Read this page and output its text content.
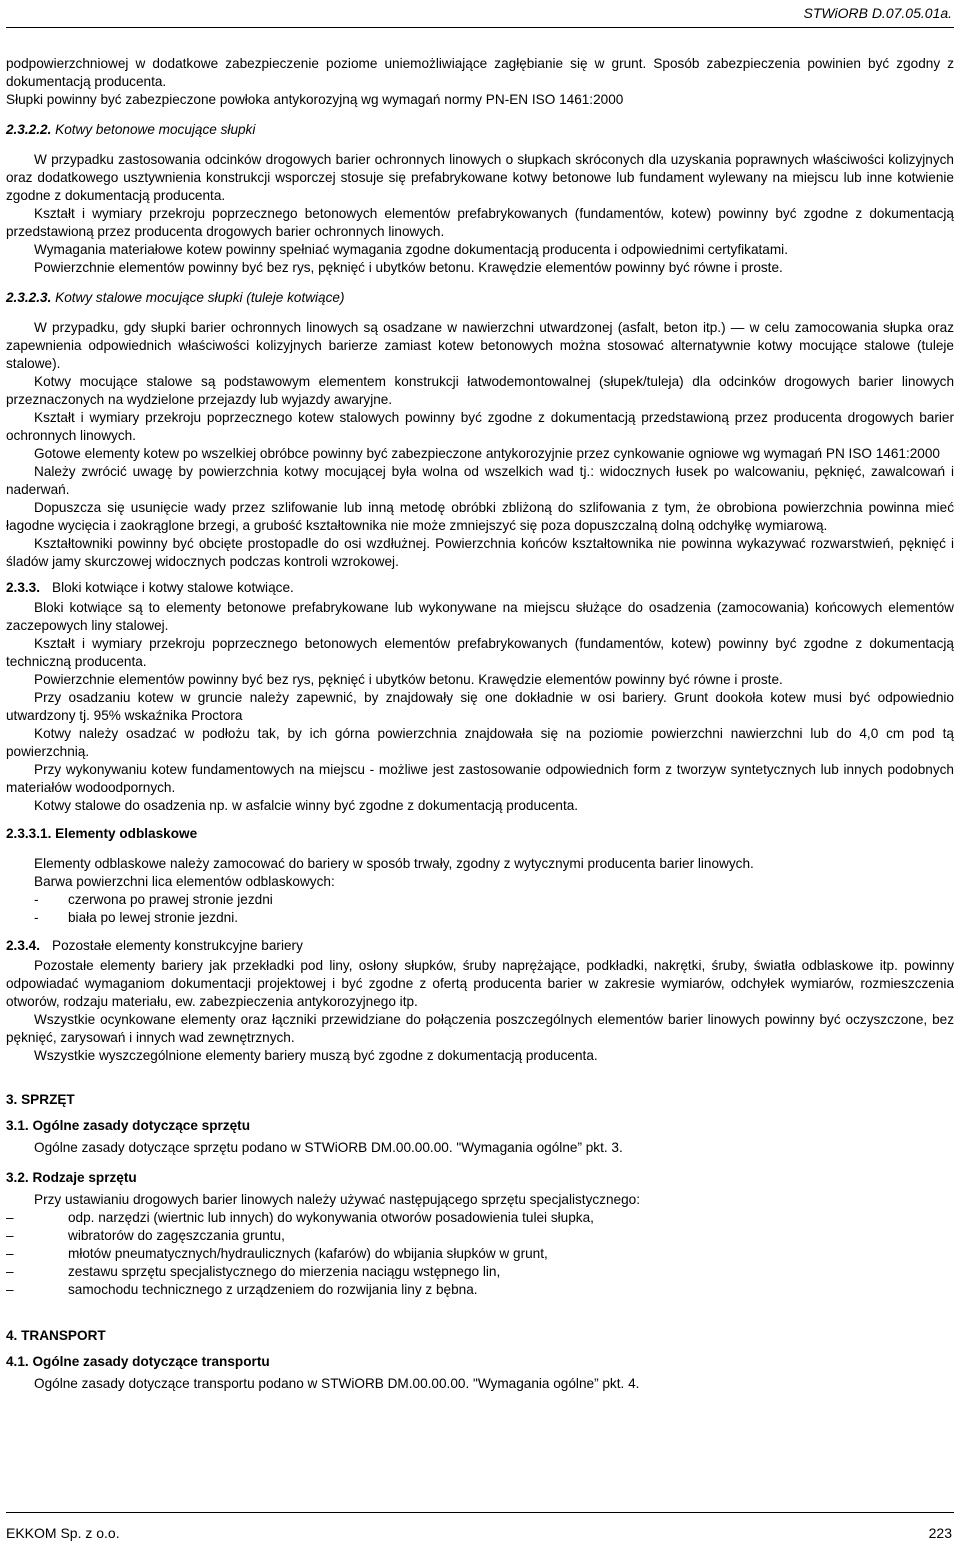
STWiORB D.07.05.01a.

podpowierzchniowej w dodatkowe zabezpieczenie poziome uniemożliwiające zagłębianie się w grunt. Sposób zabezpieczenia powinien być zgodny z dokumentacją producenta.

Słupki powinny być zabezpieczone powłoka antykorozyjną wg wymagań normy PN-EN ISO 1461:2000

2.3.2.2. Kotwy betonowe mocujące słupki

W przypadku zastosowania odcinków drogowych barier ochronnych linowych o słupkach skróconych dla uzyskania poprawnych właściwości kolizyjnych oraz dodatkowego usztywnienia konstrukcji wsporczej stosuje się prefabrykowane kotwy betonowe lub fundament wylewany na miejscu lub inne kotwienie zgodne z dokumentacją producenta.

Kształt i wymiary przekroju poprzecznego betonowych elementów prefabrykowanych (fundamentów, kotew) powinny być zgodne z dokumentacją przedstawioną przez producenta drogowych barier ochronnych linowych.

Wymagania materiałowe kotew powinny spełniać wymagania zgodne dokumentacją producenta i odpowiednimi certyfikatami.

Powierzchnie elementów powinny być bez rys, pęknięć i ubytków betonu. Krawędzie elementów powinny być równe i proste.

2.3.2.3. Kotwy stalowe mocujące słupki (tuleje kotwiące)

W przypadku, gdy słupki barier ochronnych linowych są osadzane w nawierzchni utwardzonej (asfalt, beton itp.) — w celu zamocowania słupka oraz zapewnienia odpowiednich właściwości kolizyjnych barierze zamiast kotew betonowych można stosować alternatywnie kotwy mocujące stalowe (tuleje stalowe).

Kotwy mocujące stalowe są podstawowym elementem konstrukcji łatwodemontowalnej (słupek/tuleja) dla odcinków drogowych barier linowych przeznaczonych na wydzielone przejazdy lub wyjazdy awaryjne.

Kształt i wymiary przekroju poprzecznego kotew stalowych powinny być zgodne z dokumentacją przedstawioną przez producenta drogowych barier ochronnych linowych.

Gotowe elementy kotew po wszelkiej obróbce powinny być zabezpieczone antykorozyjnie przez cynkowanie ogniowe wg wymagań PN ISO 1461:2000

Należy zwrócić uwagę by powierzchnia kotwy mocującej była wolna od wszelkich wad tj.: widocznych łusek po walcowaniu, pęknięć, zawalcowań i naderwań.

Dopuszcza się usunięcie wady przez szlifowanie lub inną metodę obróbki zbliżoną do szlifowania z tym, że obrobiona powierzchnia powinna mieć łagodne wycięcia i zaokrąglone brzegi, a grubość kształtownika nie może zmniejszyć się poza dopuszczalną dolną odchyłkę wymiarową.

Kształtowniki powinny być obcięte prostopadle do osi wzdłużnej. Powierzchnia końców kształtownika nie powinna wykazywać rozwarstwień, pęknięć i śladów jamy skurczowej widocznych podczas kontroli wzrokowej.

2.3.3. Bloki kotwiące i kotwy stalowe kotwiące.

Bloki kotwiące są to elementy betonowe prefabrykowane lub wykonywane na miejscu służące do osadzenia (zamocowania) końcowych elementów zaczepowych liny stalowej.

Kształt i wymiary przekroju poprzecznego betonowych elementów prefabrykowanych (fundamentów, kotew) powinny być zgodne z dokumentacją techniczną producenta.

Powierzchnie elementów powinny być bez rys, pęknięć i ubytków betonu. Krawędzie elementów powinny być równe i proste.

Przy osadzaniu kotew w gruncie należy zapewnić, by znajdowały się one dokładnie w osi bariery. Grunt dookoła kotew musi być odpowiednio utwardzony tj. 95% wskaźnika Proctora

Kotwy należy osadzać w podłożu tak, by ich górna powierzchnia znajdowała się na poziomie powierzchni nawierzchni lub do 4,0 cm pod tą powierzchnią.

Przy wykonywaniu kotew fundamentowych na miejscu - możliwe jest zastosowanie odpowiednich form z tworzyw syntetycznych lub innych podobnych materiałów wodoodpornych.

Kotwy stalowe do osadzenia np. w asfalcie winny być zgodne z dokumentacją producenta.

2.3.3.1. Elementy odblaskowe

Elementy odblaskowe należy zamocować do bariery w sposób trwały, zgodny z wytycznymi producenta barier linowych.

Barwa powierzchni lica elementów odblaskowych:

- czerwona po prawej stronie jezdni
- biała po lewej stronie jezdni.

2.3.4. Pozostałe elementy konstrukcyjne bariery

Pozostałe elementy bariery jak przekładki pod liny, osłony słupków, śruby naprężające, podkładki, nakrętki, śruby, światła odblaskowe itp. powinny odpowiadać wymaganiom dokumentacji projektowej i być zgodne z ofertą producenta barier w zakresie wymiarów, odchyłek wymiarów, rozmieszczenia otworów, rodzaju materiału, ew. zabezpieczenia antykorozyjnego itp.

Wszystkie ocynkowane elementy oraz łączniki przewidziane do połączenia poszczególnych elementów barier linowych powinny być oczyszczone, bez pęknięć, zarysowań i innych wad zewnętrznych.

Wszystkie wyszczególnione elementy bariery muszą być zgodne z dokumentacją producenta.

3. SPRZĘT

3.1. Ogólne zasady dotyczące sprzętu

Ogólne zasady dotyczące sprzętu podano w STWiORB DM.00.00.00. "Wymagania ogólne” pkt. 3.

3.2. Rodzaje sprzętu

Przy ustawianiu drogowych barier linowych należy używać następującego sprzętu specjalistycznego:

– odp. narzędzi (wiertnic lub innych) do wykonywania otworów posadowienia tulei słupka,
– wibratorów do zagęszczania gruntu,
– młotów pneumatycznych/hydraulicznych (kafarów) do wbijania słupków w grunt,
– zestawu sprzętu specjalistycznego do mierzenia naciągu wstępnego lin,
– samochodu technicznego z urządzeniem do rozwijania liny z bębna.

4. TRANSPORT

4.1. Ogólne zasady dotyczące transportu

Ogólne zasady dotyczące transportu podano w STWiORB DM.00.00.00. "Wymagania ogólne” pkt. 4.

EKKOM Sp. z o.o.	223
